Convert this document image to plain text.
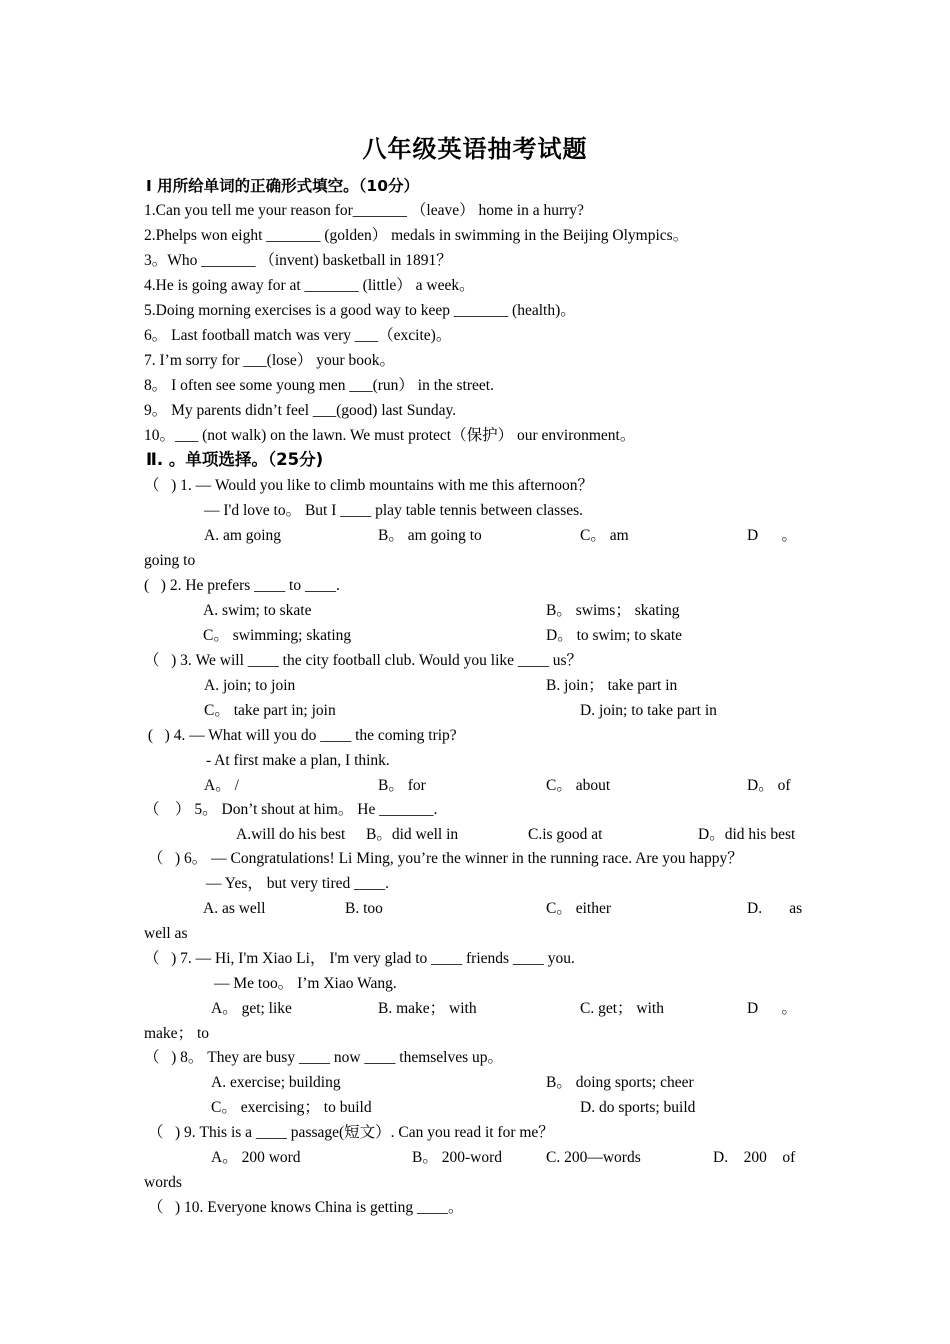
八年级英语抽考试题
Ⅰ 用所给单词的正确形式填空。（10分）
1.Can you tell me your reason for_______ （leave） home in a hurry?
2.Phelps won eight _______ (golden） medals in swimming in the Beijing Olympics。
3。Who _______ （invent) basketball in 1891？
4.He is going away for at _______ (little） a week。
5.Doing morning exercises is a good way to keep _______ (health)。
6。 Last football match was very ___（excite)。
7. I’m sorry for ___(lose） your book。
8。 I often see some young men ___(run） in the street.
9。 My parents didn’t feel ___(good) last Sunday.
10。___ (not walk) on the lawn. We must protect（保护） our environment。
Ⅱ. 。单项选择。（25分)
（   ) 1. — Would you like to climb mountains with me this afternoon？
— I'd love to。 But I ____ play table tennis between classes.
A. am going	B。 am going to	C。 am	D      。
going to
(   ) 2. He prefers ____ to ____.
A. swim; to skate	B。 swims； skating
C。 swimming; skating	D。 to swim; to skate
（   ) 3. We will ____ the city football club. Would you like ____ us？
A. join; to join	B. join； take part in
C。 take part in; join	D. join; to take part in
(   ) 4. — What will you do ____ the coming trip?
- At first make a plan, I think.
A。 /	B。 for	C。 about	D。 of
（    ） 5。 Don’t shout at him。 He _______.
A.will do his best B。did well in	C.is good at	D。did his best
（   ) 6。 — Congratulations! Li Ming, you’re the winner in the running race. Are you happy？
— Yes， but very tired ____.
A. as well	B. too	C。 either	D.       as
well as
（   ) 7. — Hi, I'm Xiao Li， I'm very glad to ____ friends ____ you.
— Me too。 I’m Xiao Wang.
A。 get; like	B. make； with	C. get； with	D      。
make； to
（   ) 8。 They are busy ____ now ____ themselves up。
A. exercise; building	B。 doing sports; cheer
C。 exercising； to build	D. do sports; build
（   ) 9. This is a ____ passage(短文）. Can you read it for me？
A。 200 word	B。 200-word	C. 200—words	D.    200    of
words
（   ) 10. Everyone knows China is getting ____。
